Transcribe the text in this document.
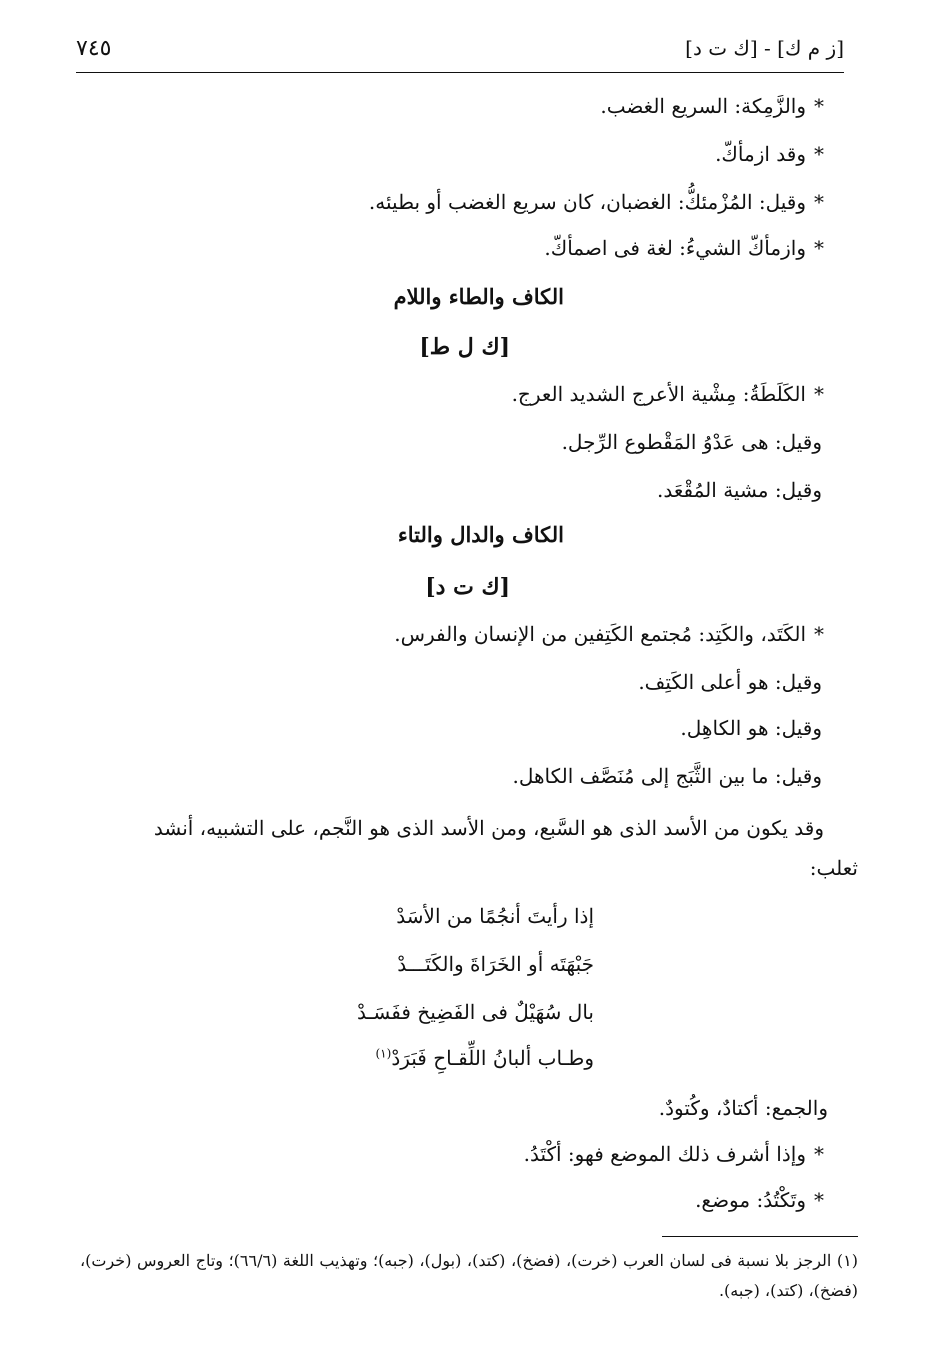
[ز م ك] - [ك ت د]
٧٤٥
*والزَّمِكة: السريع الغضب.
*وقد ازمأكّ.
*وقيل: المُزْمئكُّ: الغضبان، كان سريع الغضب أو بطيئه.
*وازمأكّ الشيءُ: لغة فى اصمأكّ.
الكاف والطاء واللام
[ك ل ط]
*الكَلَطَةُ: مِشْية الأعرج الشديد العرج.
وقيل: هى عَدْوُ المَقْطوع الرِّجل.
وقيل: مشية المُقْعَد.
الكاف والدال والتاء
[ك ت د]
*الكَتَد، والكَتِد: مُجتمع الكَتِفين من الإنسان والفرس.
وقيل: هو أعلى الكَتِف.
وقيل: هو الكاهِل.
وقيل: ما بين الثَّبَج إلى مُنَصَّف الكاهل.
وقد يكون من الأسد الذى هو السَّبع، ومن الأسد الذى هو النَّجم، على التشبيه، أنشد
ثعلب:
إذا رأيتَ أنجُمًا من الأسَدْ
جَبْهَتَه أو الخَرَاةَ والكَتَـــدْ
بال سُهَيْلٌ فى الفَضِيخ ففَسَـدْ
وطـاب ألبانُ اللِّقـاحِ فَبَرَدْ$^{(١)}$
والجمع: أكتادٌ، وكُتودٌ.
*وإذا أشرف ذلك الموضع فهو: أكْتَدُ.
*وتَكْتُدُ: موضع.
(١) الرجز بلا نسبة فى لسان العرب (خرت)، (فضخ)، (كتد)، (بول)، (جبه)؛ وتهذيب اللغة (٦٦/٦)؛ وتاج العروس (خرت)، (فضخ)، (كتد)، (جبه).
